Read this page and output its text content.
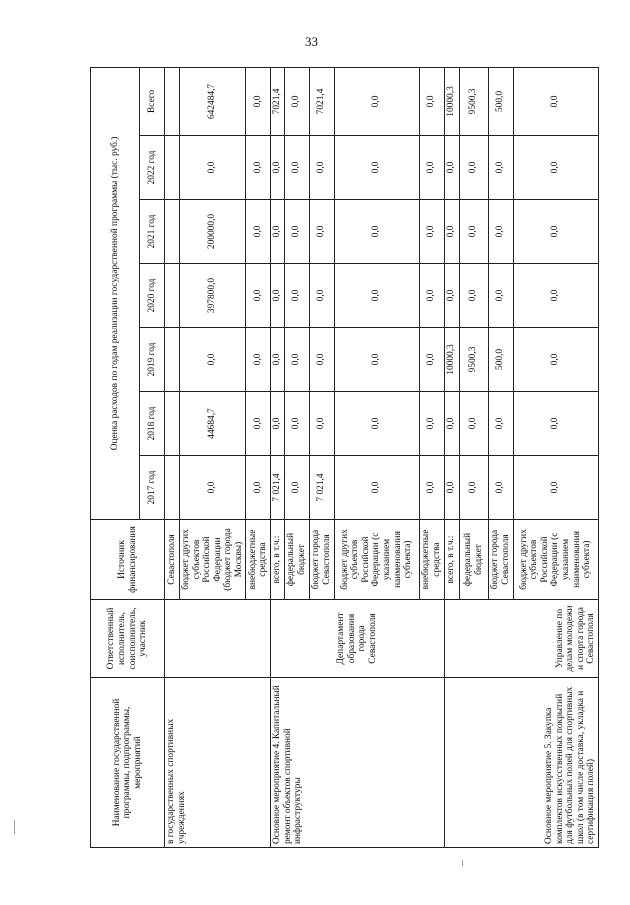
33
Наименование государственной программы, подпрограммы, мероприятий	Ответственный исполнитель, соисполнитель, участник	Источник финансирования	Оценка расходов по годам реализации государственной программы (тыс. руб.)						
			2017 год	2018 год	2019 год	2020 год	2021 год	2022 год	Всего
в государственных спортивных учреждениях		Севастополя							
		бюджет других субъектов Российской Федерации (бюджет города Москвы)	0,0	44684,7	0,0	397800,0	200000,0	0,0	642484,7
		внебюджетные средства	0,0	0,0	0,0	0,0	0,0	0,0	0,0
Основное мероприятие 4. Капитальный ремонт объектов спортивной инфраструктуры	Департамент образования города Севастополя	всего, в т.ч.:	7 021,4	0,0	0,0	0,0	0,0	0,0	7021,4
		федеральный бюджет	0,0	0,0	0,0	0,0	0,0	0,0	0,0
		бюджет города Севастополя	7 021,4	0,0	0,0	0,0	0,0	0,0	7021,4
		бюджет других субъектов Российской Федерации (с указанием наименования субъекта)	0,0	0,0	0,0	0,0	0,0	0,0	0,0
		внебюджетные средства	0,0	0,0	0,0	0,0	0,0	0,0	0,0
Основное мероприятие 5. Закупка комплектов искусственных покрытий для футбольных полей для спортивных школ (в том числе доставка, укладка и сертификация полей)	Управление по делам молодежи и спорта города Севастополя	всего, в т.ч.:	0,0	0,0	10000,3	0,0	0,0	0,0	10000,3
		федеральный бюджет	0,0	0,0	9500,3	0,0	0,0	0,0	9500,3
		бюджет города Севастополя	0,0	0,0	500,0	0,0	0,0	0,0	500,0
		бюджет других субъектов Российской Федерации (с указанием наименования субъекта)	0,0	0,0	0,0	0,0	0,0	0,0	0,0
